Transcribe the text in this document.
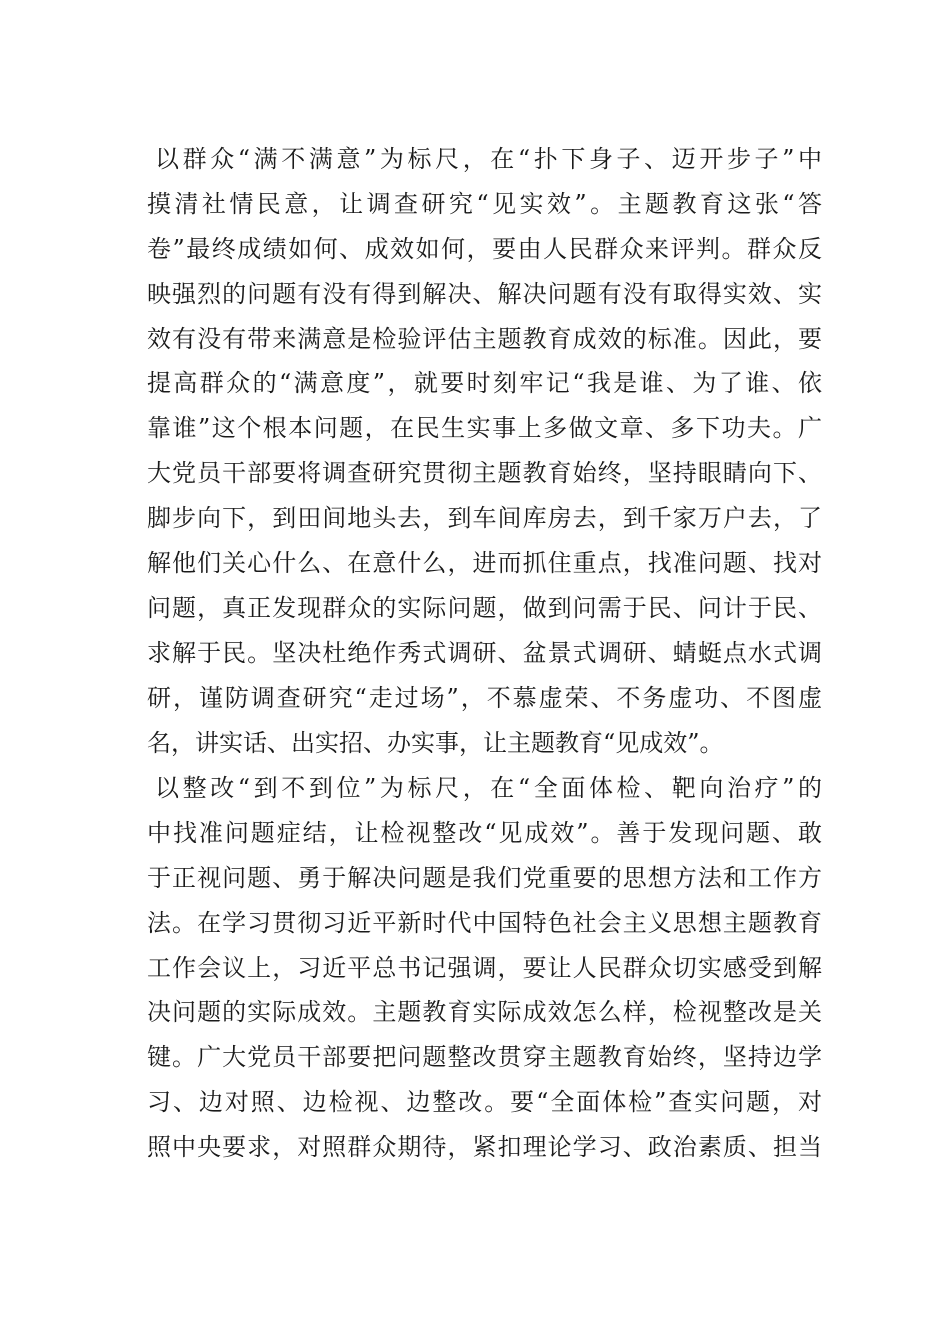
以群众“满不满意”为标尺，在“扑下身子、迈开步子”中
摸清社情民意，让调查研究“见实效”。主题教育这张“答
卷”最终成绩如何、成效如何，要由人民群众来评判。群众反
映强烈的问题有没有得到解决、解决问题有没有取得实效、实
效有没有带来满意是检验评估主题教育成效的标准。因此，要
提高群众的“满意度”，就要时刻牢记“我是谁、为了谁、依
靠谁”这个根本问题，在民生实事上多做文章、多下功夫。广
大党员干部要将调查研究贯彻主题教育始终，坚持眼睛向下、
脚步向下，到田间地头去，到车间库房去，到千家万户去，了
解他们关心什么、在意什么，进而抓住重点，找准问题、找对
问题，真正发现群众的实际问题，做到问需于民、问计于民、
求解于民。坚决杜绝作秀式调研、盆景式调研、蜻蜓点水式调
研，谨防调查研究“走过场”，不慕虚荣、不务虚功、不图虚
名，讲实话、出实招、办实事，让主题教育“见成效”。
以整改“到不到位”为标尺，在“全面体检、靶向治疗”的
中找准问题症结，让检视整改“见成效”。善于发现问题、敢
于正视问题、勇于解决问题是我们党重要的思想方法和工作方
法。在学习贯彻习近平新时代中国特色社会主义思想主题教育
工作会议上，习近平总书记强调，要让人民群众切实感受到解
决问题的实际成效。主题教育实际成效怎么样，检视整改是关
键。广大党员干部要把问题整改贯穿主题教育始终，坚持边学
习、边对照、边检视、边整改。要“全面体检”查实问题，对
照中央要求，对照群众期待，紧扣理论学习、政治素质、担当
